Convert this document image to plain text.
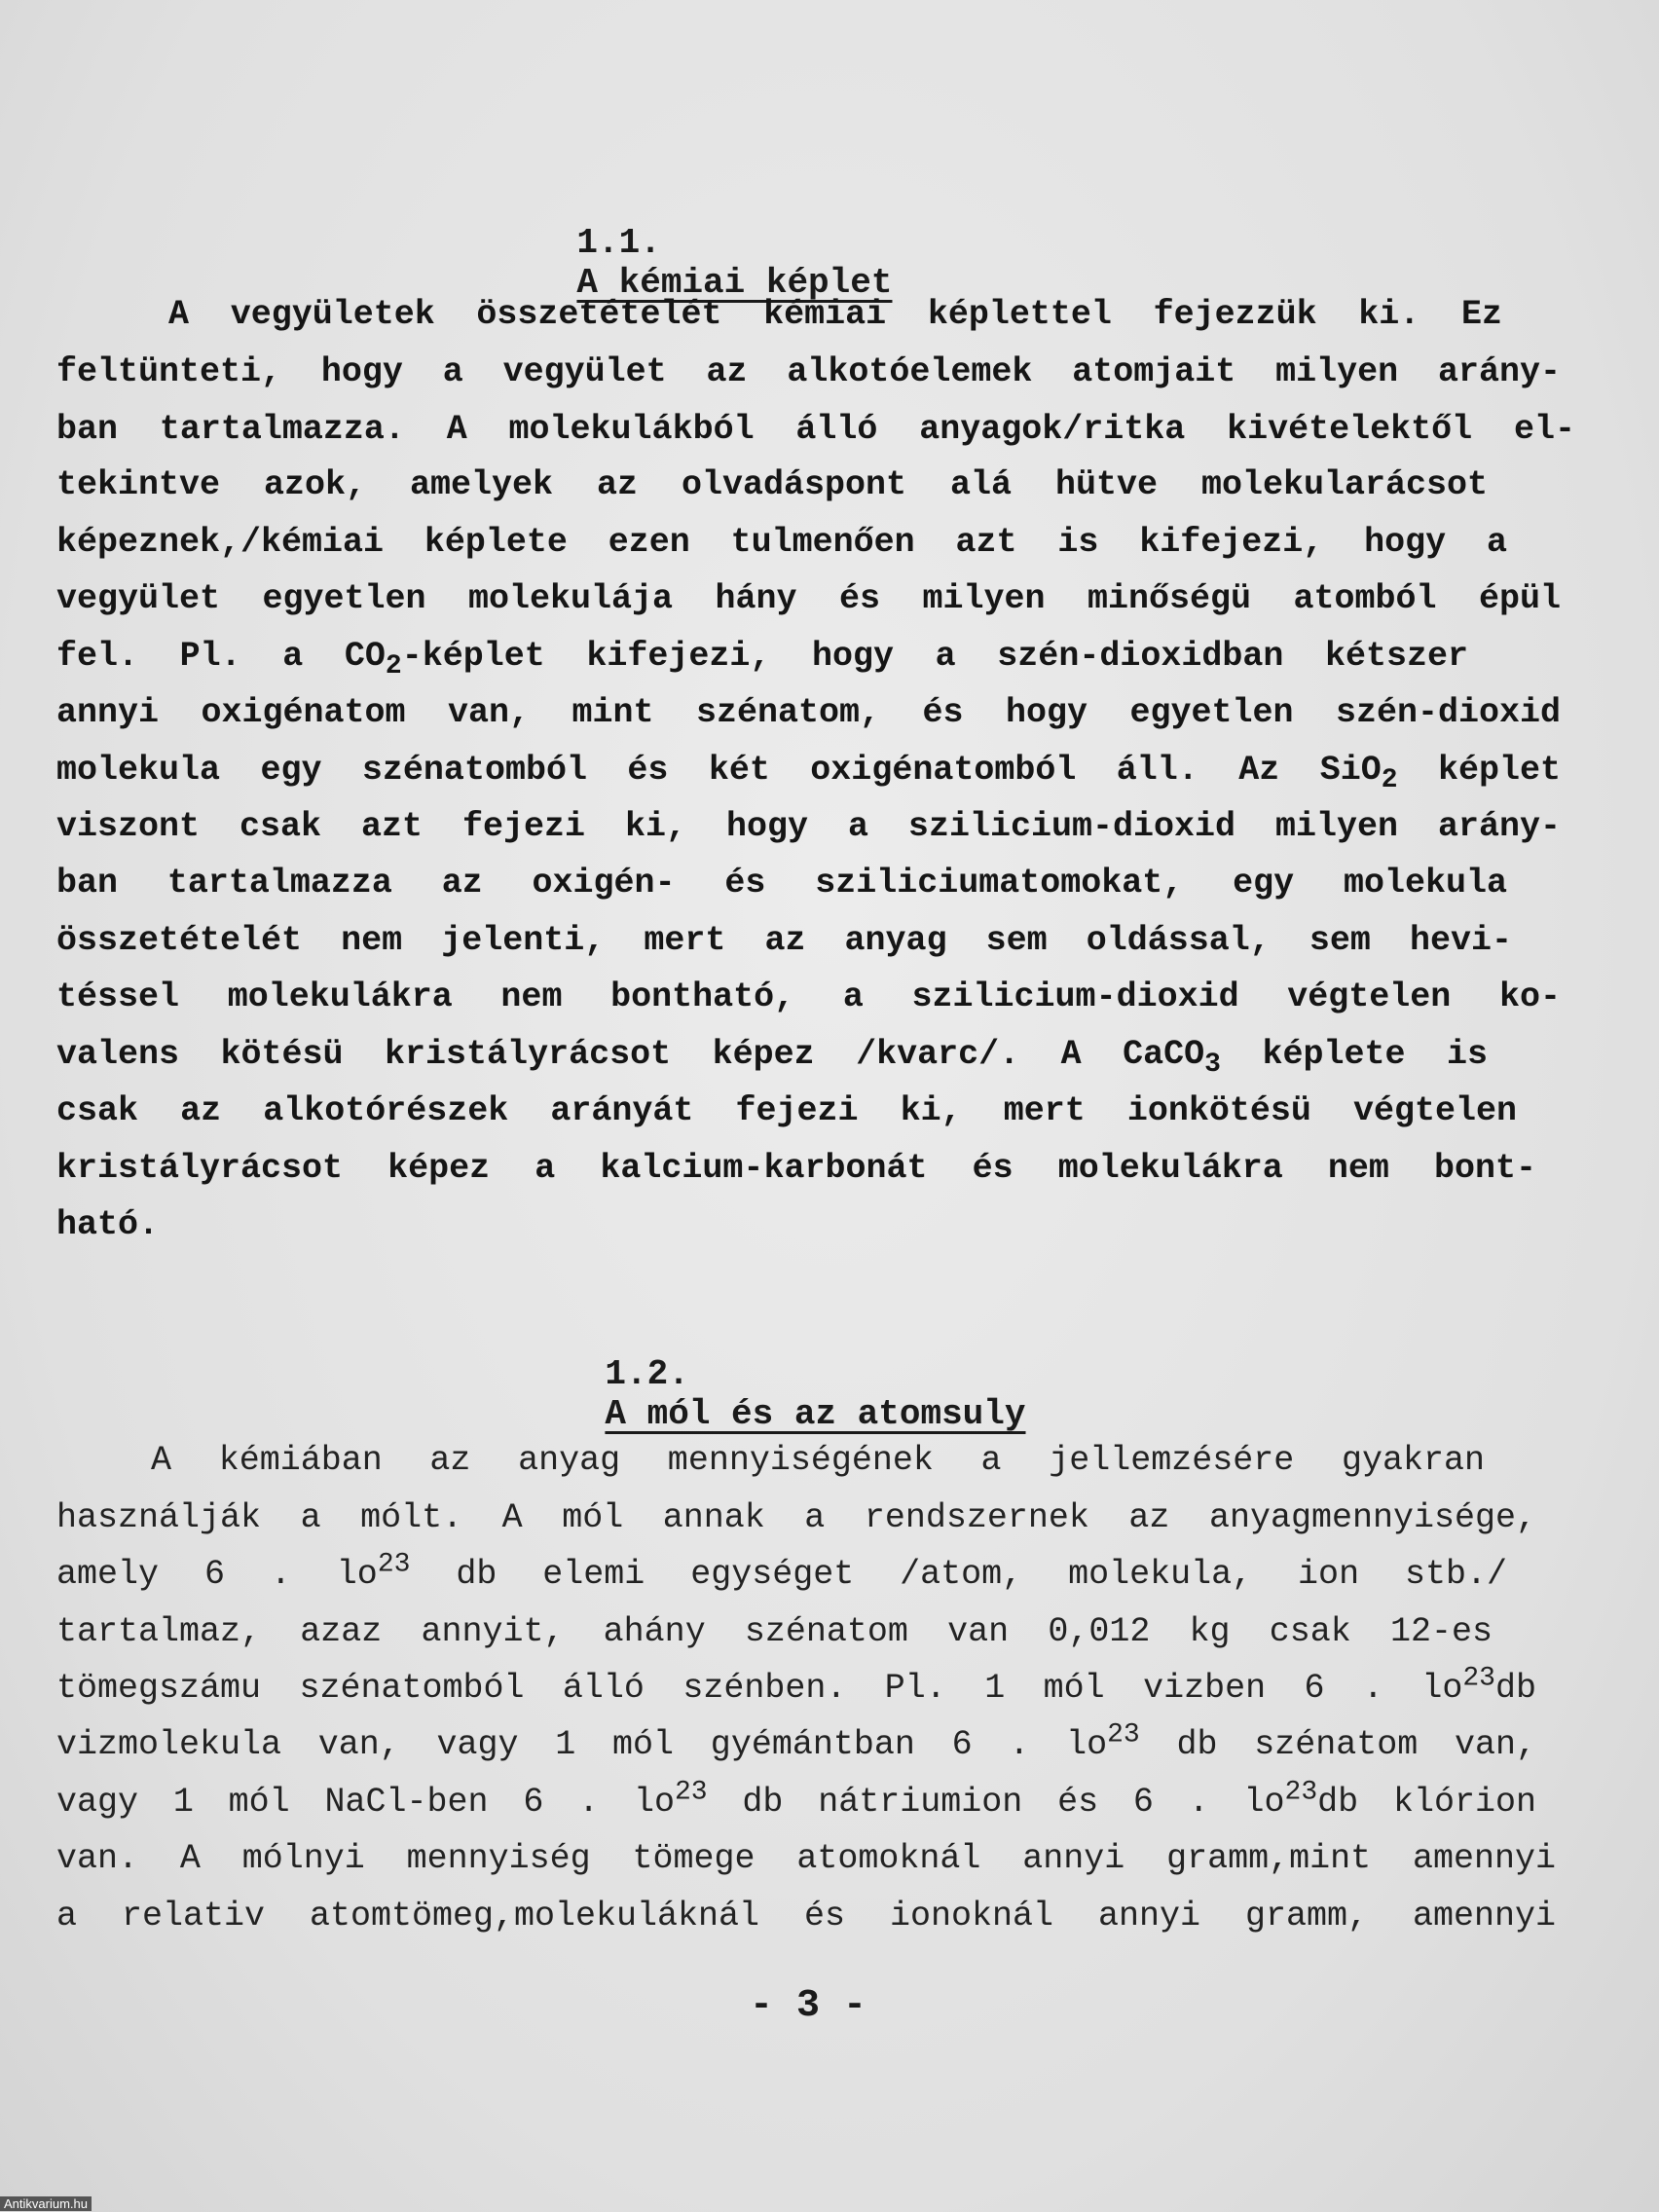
1.1.
A kémiai képlet

A vegyületek összetételét kémiai képlettel fejezzük ki. Ez
feltünteti, hogy a vegyület az alkotóelemek atomjait milyen arány-
ban tartalmazza. A molekulákból álló anyagok/ritka kivételektől el-
tekintve azok, amelyek az olvadáspont alá hütve molekularácsot
képeznek,/kémiai képlete ezen tulmenően azt is kifejezi, hogy a
vegyület egyetlen molekulája hány és milyen minőségü atomból épül
fel. Pl. a $CO_2$-képlet kifejezi, hogy a szén-dioxidban kétszer
annyi oxigénatom van, mint szénatom, és hogy egyetlen szén-dioxid
molekula egy szénatomból és két oxigénatomból áll. Az SiO$_2$ képlet
viszont csak azt fejezi ki, hogy a szilicium-dioxid milyen arány-
ban tartalmazza az oxigén- és sziliciumatomokat, egy molekula
összetételét nem jelenti, mert az anyag sem oldással, sem hevi-
téssel molekulákra nem bontható, a szilicium-dioxid végtelen ko-
valens kötésü kristályrácsot képez /kvarc/. A CaCO$_3$ képlete is
csak az alkotórészek arányát fejezi ki, mert ionkötésü végtelen
kristályrácsot képez a kalcium-karbonát és molekulákra nem bont-
ható.

1.2.
A mól és az atomsuly

A kémiában az anyag mennyiségének a jellemzésére gyakran
használják a mólt. A mól annak a rendszernek az anyagmennyisége,
amely 6 . $lo^{23}$ db elemi egységet /atom, molekula, ion stb./
tartalmaz, azaz annyit, ahány szénatom van 0,012 kg csak 12-es
tömegszámu szénatomból álló szénben. Pl. 1 mól vizben 6 . $lo^{23}db$
vizmolekula van, vagy 1 mól gyémántban 6 . $lo^{23}$ db szénatom van,
vagy 1 mól NaCl-ben 6 . $lo^{23}$ db nátriumion és 6 . $lo^{23}db$ klórion
van. A mólnyi mennyiség tömege atomoknál annyi gramm,mint amennyi
a relativ atomtömeg,molekuláknál és ionoknál annyi gramm, amennyi
- 3 -
Antikvarium.hu
